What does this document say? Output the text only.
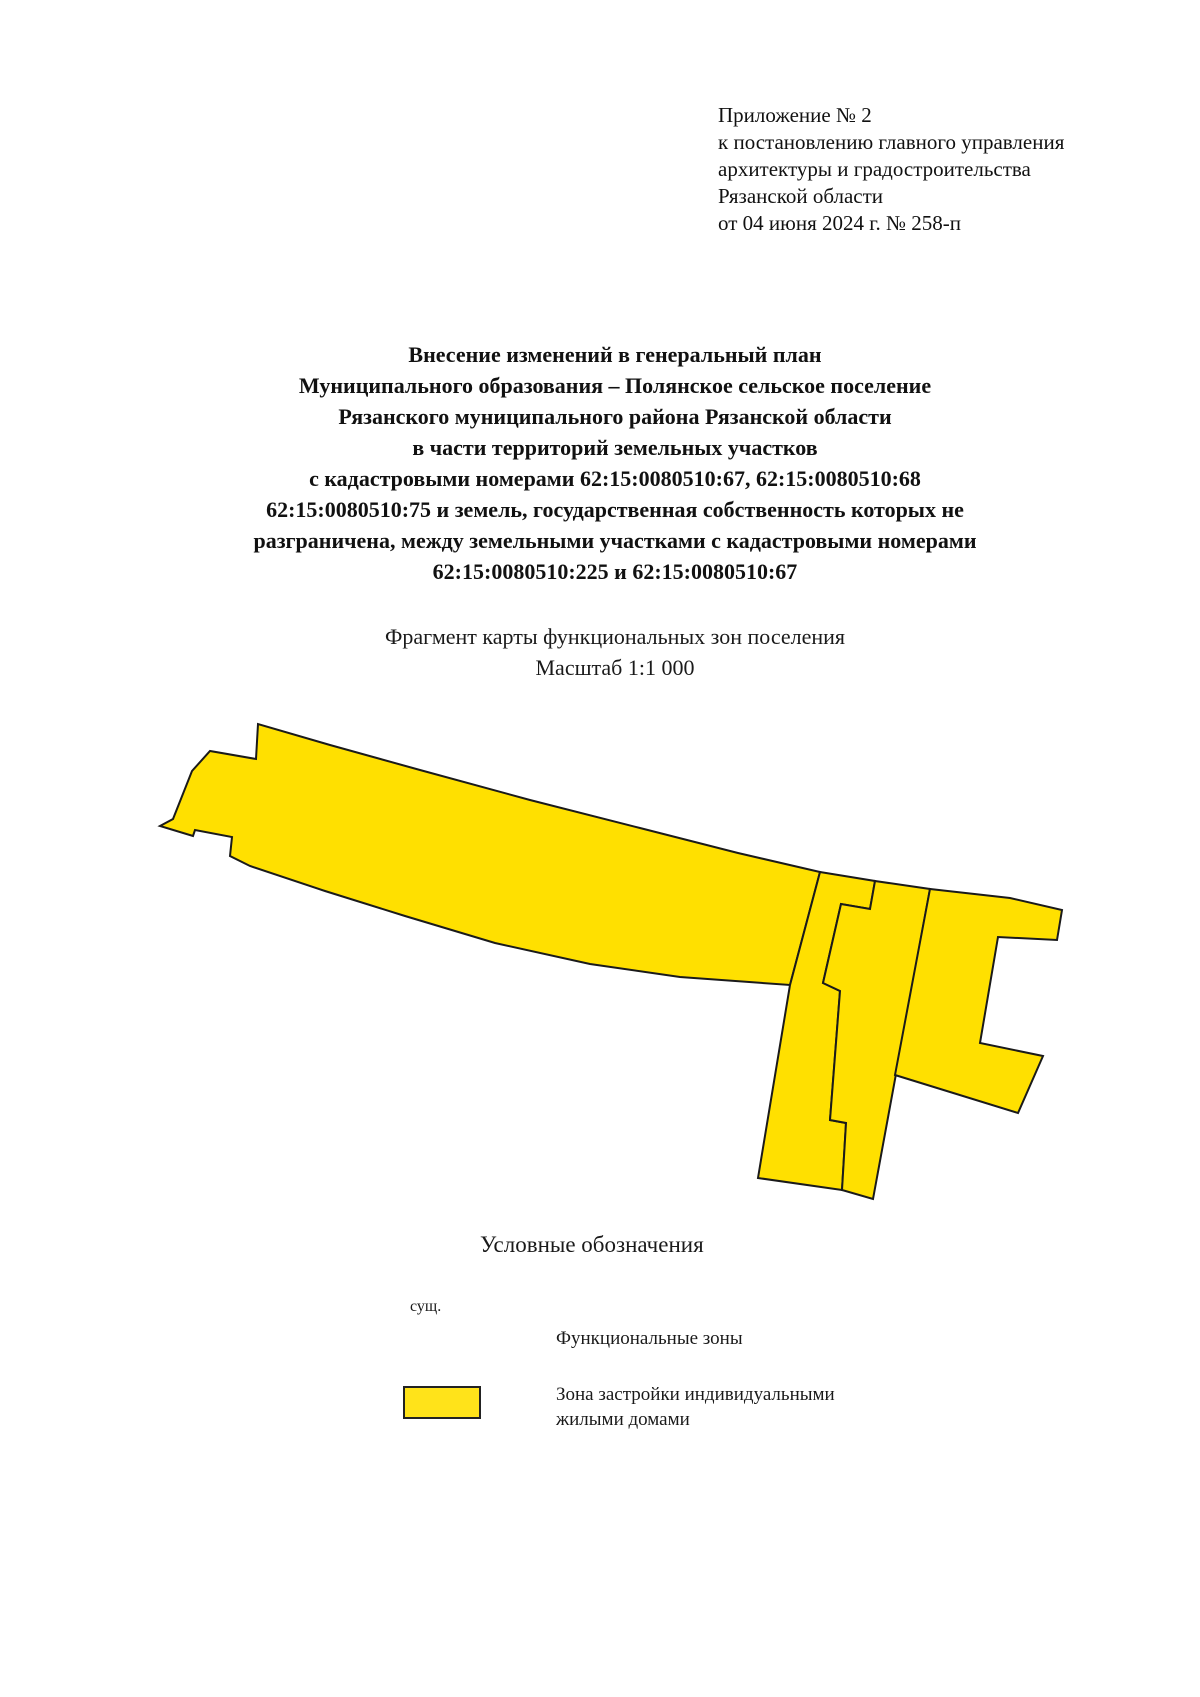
Приложение № 2
к постановлению главного управления
архитектуры и градостроительства
Рязанской области
от 04 июня 2024 г. № 258-п
Внесение изменений в генеральный план
Муниципального образования – Полянское сельское поселение
Рязанского муниципального района Рязанской области
в части территорий земельных участков
с кадастровыми номерами 62:15:0080510:67, 62:15:0080510:68
62:15:0080510:75 и земель, государственная собственность которых не
разграничена, между земельными участками с кадастровыми номерами
62:15:0080510:225 и 62:15:0080510:67
Фрагмент карты функциональных зон поселения
Масштаб 1:1 000
Условные обозначения
сущ.
Функциональные зоны
Зона застройки индивидуальными
жилыми домами
